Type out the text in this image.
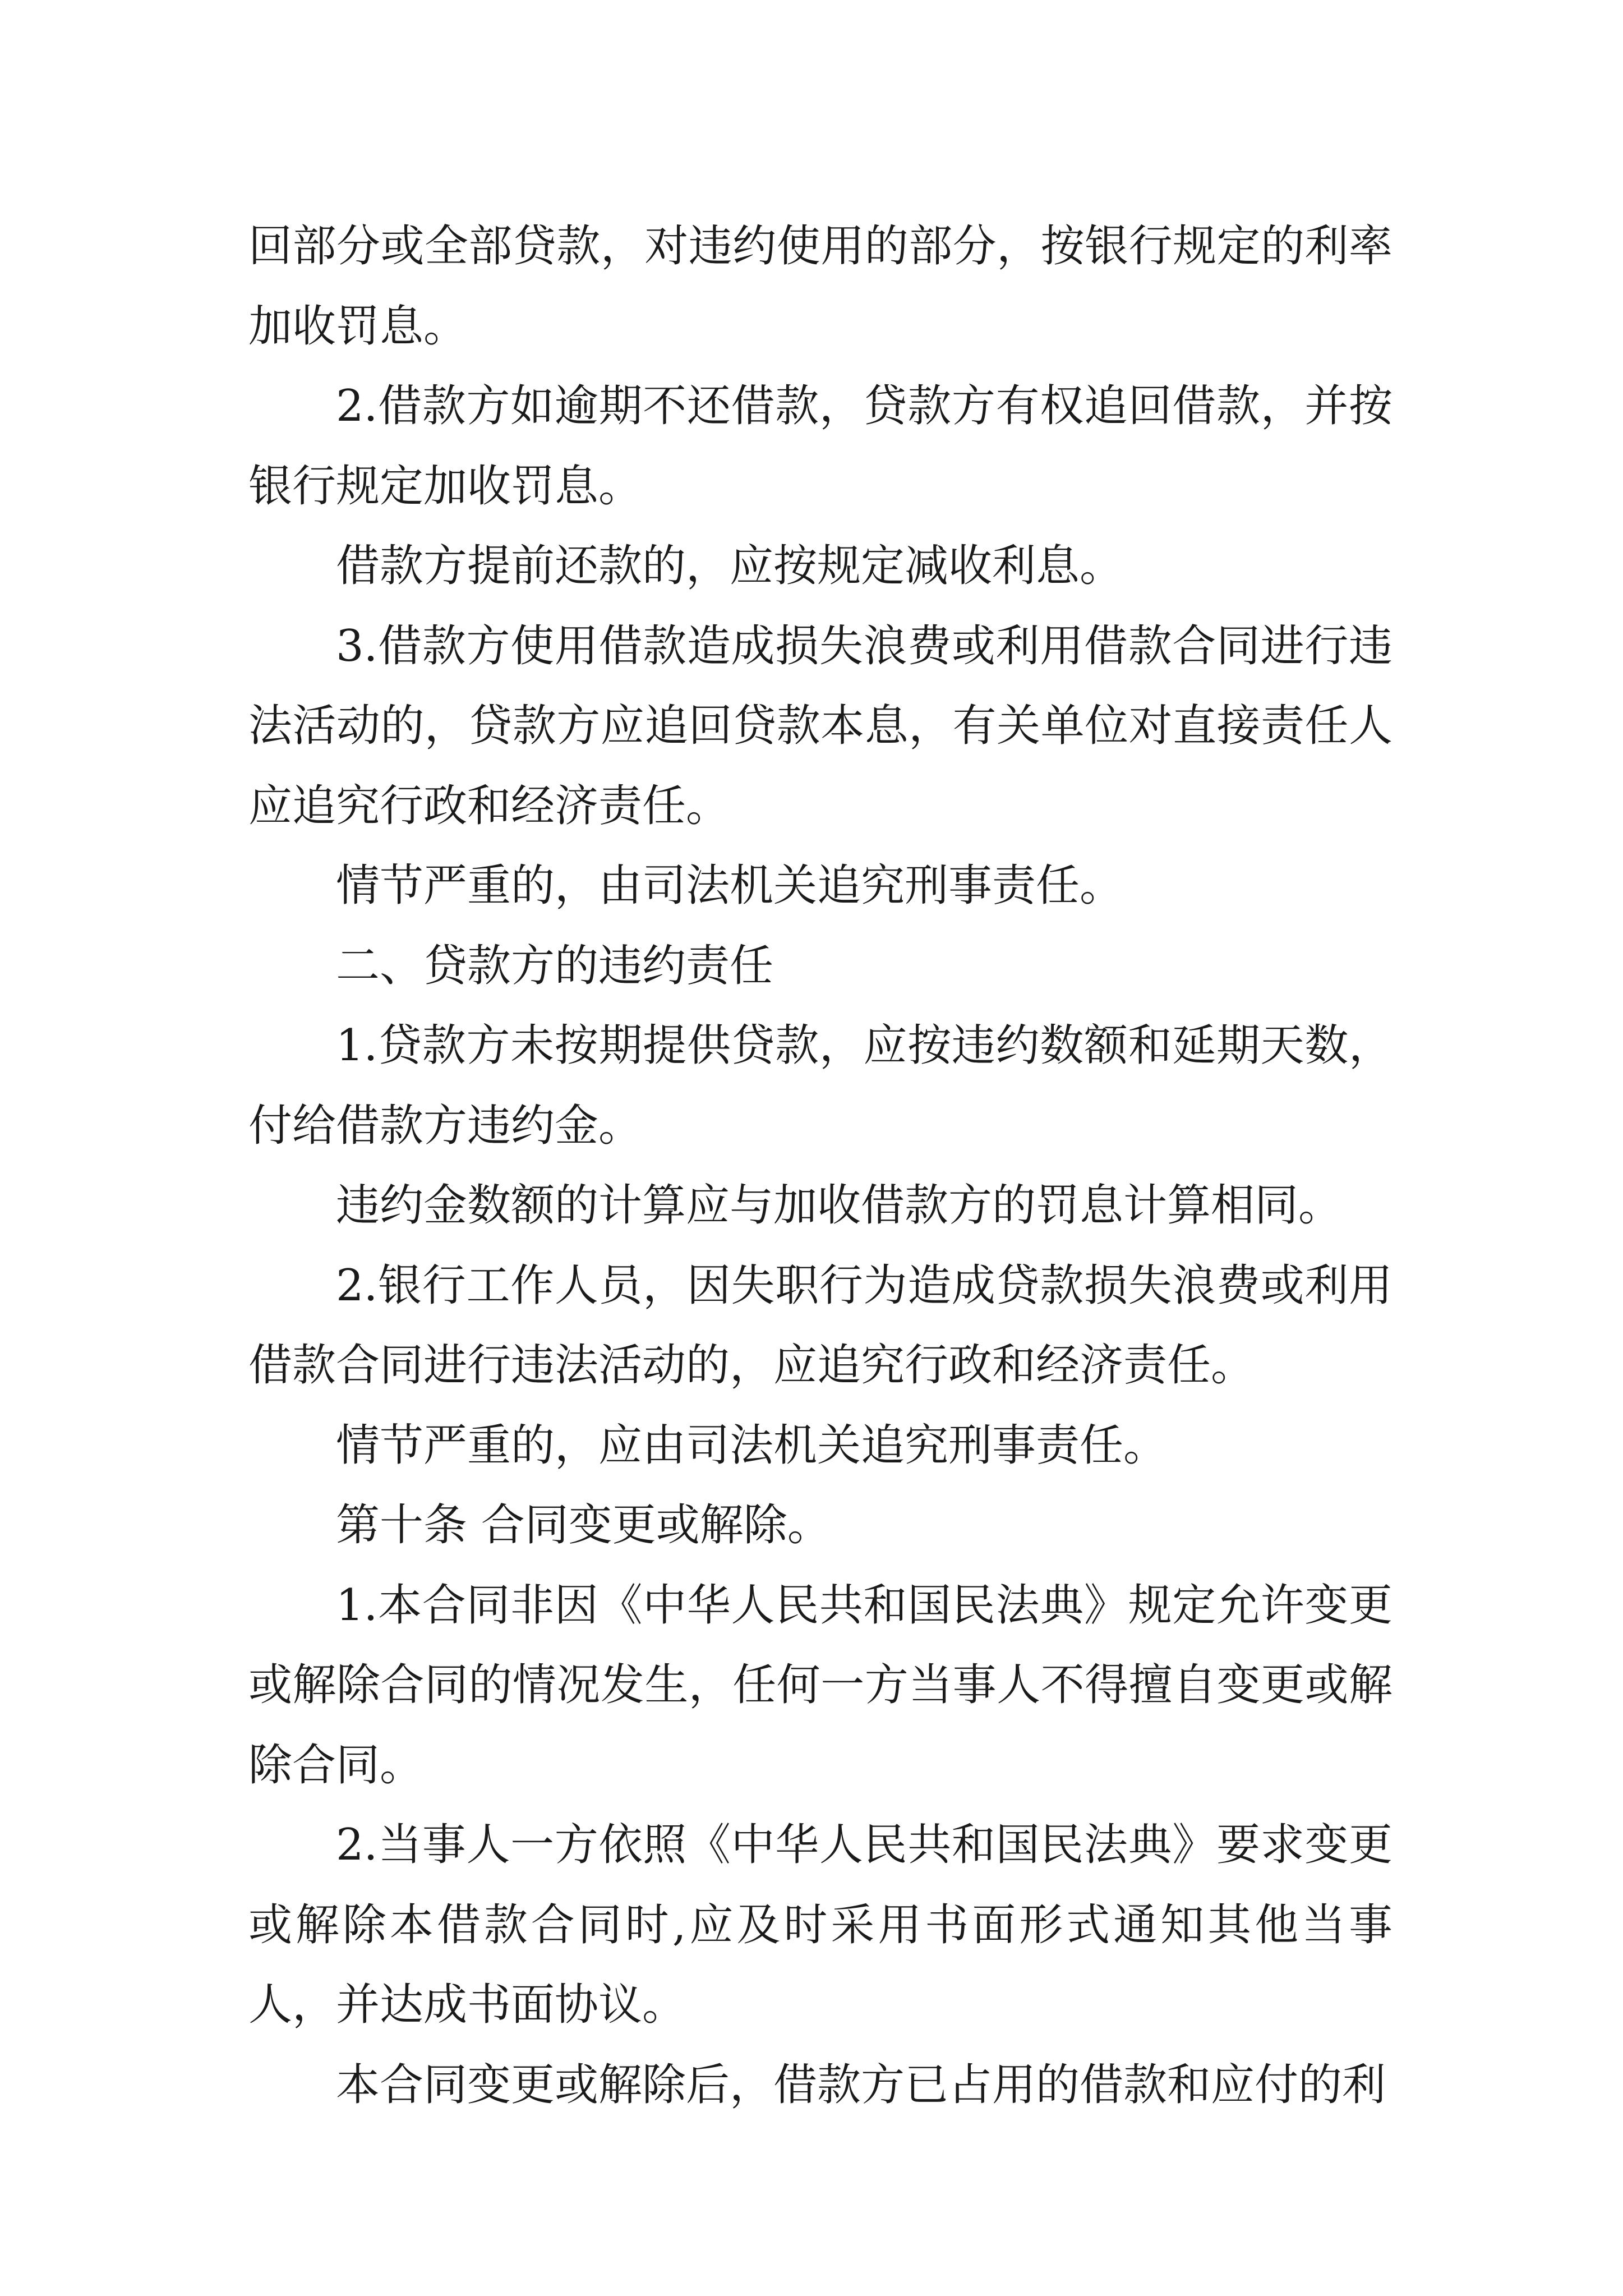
回部分或全部贷款，对违约使用的部分，按银行规定的利率加收罚息。

2.借款方如逾期不还借款，贷款方有权追回借款，并按银行规定加收罚息。

借款方提前还款的，应按规定减收利息。

3.借款方使用借款造成损失浪费或利用借款合同进行违法活动的，贷款方应追回贷款本息，有关单位对直接责任人应追究行政和经济责任。

情节严重的，由司法机关追究刑事责任。

二、贷款方的违约责任

1.贷款方未按期提供贷款，应按违约数额和延期天数，付给借款方违约金。

违约金数额的计算应与加收借款方的罚息计算相同。

2.银行工作人员，因失职行为造成贷款损失浪费或利用借款合同进行违法活动的，应追究行政和经济责任。

情节严重的，应由司法机关追究刑事责任。

第十条 合同变更或解除。

1.本合同非因《中华人民共和国民法典》规定允许变更或解除合同的情况发生，任何一方当事人不得擅自变更或解除合同。

2.当事人一方依照《中华人民共和国民法典》要求变更或解除本借款合同时,应及时采用书面形式通知其他当事人，并达成书面协议。

本合同变更或解除后，借款方已占用的借款和应付的利
